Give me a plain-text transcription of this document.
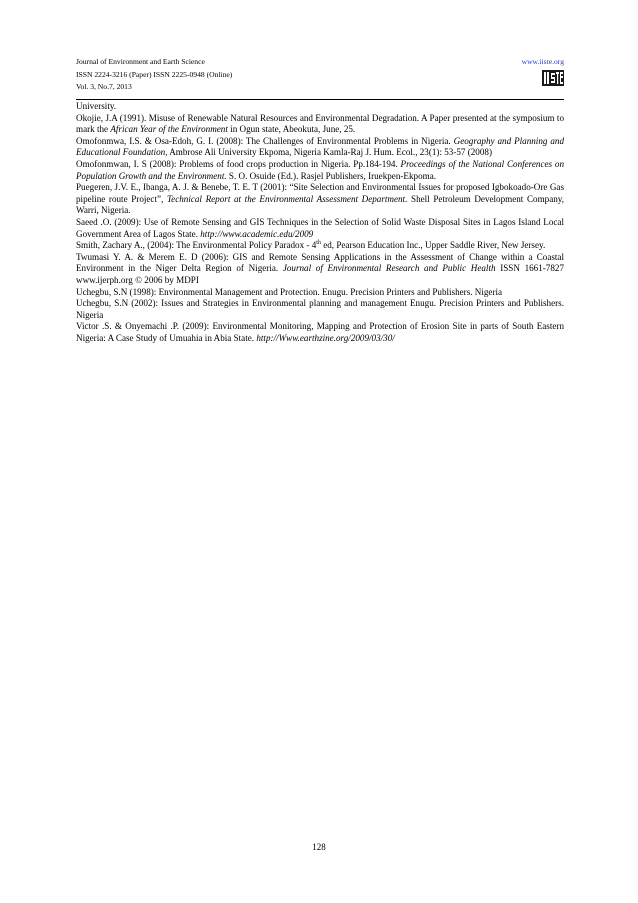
Journal of Environment and Earth Science
ISSN 2224-3216 (Paper) ISSN 2225-0948 (Online)
Vol. 3, No.7, 2013
www.iiste.org

University.

Okojie, J.A (1991). Misuse of Renewable Natural Resources and Environmental Degradation. A Paper presented at the symposium to mark the African Year of the Environment in Ogun state, Abeokuta, June, 25.

Omofonmwa, I.S. & Osa-Edoh, G. I. (2008): The Challenges of Environmental Problems in Nigeria. Geography and Planning and Educational Foundation, Ambrose Ali University Ekpoma, Nigeria Kamla-Raj J. Hum. Ecol., 23(1): 53-57 (2008)

Omofonmwan, I. S (2008): Problems of food crops production in Nigeria. Pp.184-194. Proceedings of the National Conferences on Population Growth and the Environment. S. O. Osuide (Ed.). Rasjel Publishers, Iruekpen-Ekpoma.

Puegeren, J.V. E., Ibanga, A. J. & Benebe, T. E. T (2001): “Site Selection and Environmental Issues for proposed Igbokoado-Ore Gas pipeline route Project”, Technical Report at the Environmental Assessment Department. Shell Petroleum Development Company, Warri, Nigeria.

Saeed .O. (2009): Use of Remote Sensing and GIS Techniques in the Selection of Solid Waste Disposal Sites in Lagos Island Local Government Area of Lagos State. http://www.academic.edu/2009

Smith, Zachary A., (2004): The Environmental Policy Paradox - 4th ed, Pearson Education Inc., Upper Saddle River, New Jersey.

Twumasi Y. A. & Merem E. D (2006): GIS and Remote Sensing Applications in the Assessment of Change within a Coastal Environment in the Niger Delta Region of Nigeria. Journal of Environmental Research and Public Health ISSN 1661-7827 www.ijerph.org © 2006 by MDPI

Uchegbu, S.N (1998): Environmental Management and Protection. Enugu. Precision Printers and Publishers. Nigeria

Uchegbu, S.N (2002): Issues and Strategies in Environmental planning and management Enugu. Precision Printers and Publishers. Nigeria

Victor .S. & Onyemachi .P. (2009): Environmental Monitoring, Mapping and Protection of Erosion Site in parts of South Eastern Nigeria: A Case Study of Umuahia in Abia State. http://Www.earthzine.org/2009/03/30/

128
